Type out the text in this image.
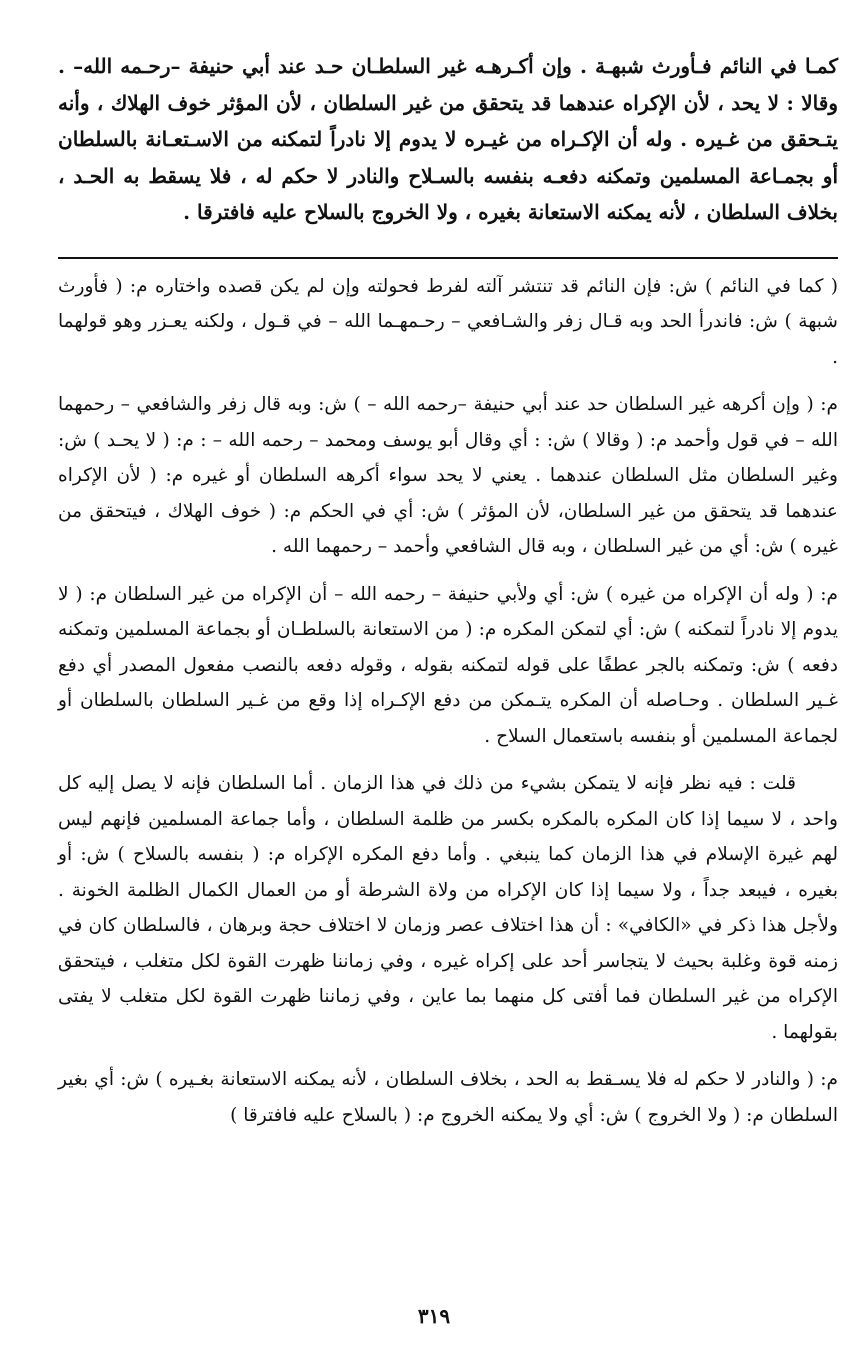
كمـا في النائم فـأورث شبهـة . وإن أكـرهـه غير السلطـان حـد عند أبي حنيفة –رحـمه الله– . وقالا : لا يحد ، لأن الإكراه عندهما قد يتحقق من غير السلطان ، لأن المؤثر خوف الهلاك ، وأنه يتـحقق من غـيره . وله أن الإكـراه من غيـره لا يدوم إلا نادراً لتمكنه من الاسـتعـانة بالسلطان أو بجمـاعة المسلمين وتمكنه دفعـه بنفسه بالسـلاح والنادر لا حكم له ، فلا يسقط به الحـد ، بخلاف السلطان ، لأنه يمكنه الاستعانة بغيره ، ولا الخروج بالسلاح عليه فافترقا .

( كما في النائم ) ش: فإن النائم قد تنتشر آلته لفرط فحولته وإن لم يكن قصده واختاره م: ( فأورث شبهة ) ش: فاندرأ الحد وبه قـال زفر والشـافعي – رحـمهـما الله – في قـول ، ولكنه يعـزر وهو قولهما .

م: ( وإن أكرهه غير السلطان حد عند أبي حنيفة –رحمه الله – ) ش: وبه قال زفر والشافعي – رحمهما الله – في قول وأحمد م: ( وقالا ) ش: : أي وقال أبو يوسف ومحمد – رحمه الله – : م: ( لا يحـد ) ش: وغير السلطان مثل السلطان عندهما . يعني لا يحد سواء أكرهه السلطان أو غيره م: ( لأن الإكراه عندهما قد يتحقق من غير السلطان، لأن المؤثر ) ش: أي في الحكم م: ( خوف الهلاك ، فيتحقق من غيره ) ش: أي من غير السلطان ، وبه قال الشافعي وأحمد – رحمهما الله .

م: ( وله أن الإكراه من غيره ) ش: أي ولأبي حنيفة – رحمه الله – أن الإكراه من غير السلطان م: ( لا يدوم إلا نادراً لتمكنه ) ش: أي لتمكن المكره م: ( من الاستعانة بالسلطـان أو بجماعة المسلمين وتمكنه دفعه ) ش: وتمكنه بالجر عطفًا على قوله لتمكنه بقوله ، وقوله دفعه بالنصب مفعول المصدر أي دفع غـير السلطان . وحـاصله أن المكره يتـمكن من دفع الإكـراه إذا وقع من غـير السلطان بالسلطان أو لجماعة المسلمين أو بنفسه باستعمال السلاح .

قلت : فيه نظر فإنه لا يتمكن بشيء من ذلك في هذا الزمان . أما السلطان فإنه لا يصل إليه كل واحد ، لا سيما إذا كان المكره بالمكره بكسر من ظلمة السلطان ، وأما جماعة المسلمين فإنهم ليس لهم غيرة الإسلام في هذا الزمان كما ينبغي . وأما دفع المكره الإكراه م: ( بنفسه بالسلاح ) ش: أو بغيره ، فيبعد جداً ، ولا سيما إذا كان الإكراه من ولاة الشرطة أو من العمال الكمال الظلمة الخونة . ولأجل هذا ذكر في «الكافي» : أن هذا اختلاف عصر وزمان لا اختلاف حجة وبرهان ، فالسلطان كان في زمنه قوة وغلبة بحيث لا يتجاسر أحد على إكراه غيره ، وفي زماننا ظهرت القوة لكل متغلب ، فيتحقق الإكراه من غير السلطان فما أفتى كل منهما بما عاين ، وفي زماننا ظهرت القوة لكل متغلب لا يفتى بقولهما .

م: ( والنادر لا حكم له فلا يسـقط به الحد ، بخلاف السلطان ، لأنه يمكنه الاستعانة بغـيره ) ش: أي بغير السلطان م: ( ولا الخروج ) ش: أي ولا يمكنه الخروج م: ( بالسلاح عليه فافترقا )

٣١٩
